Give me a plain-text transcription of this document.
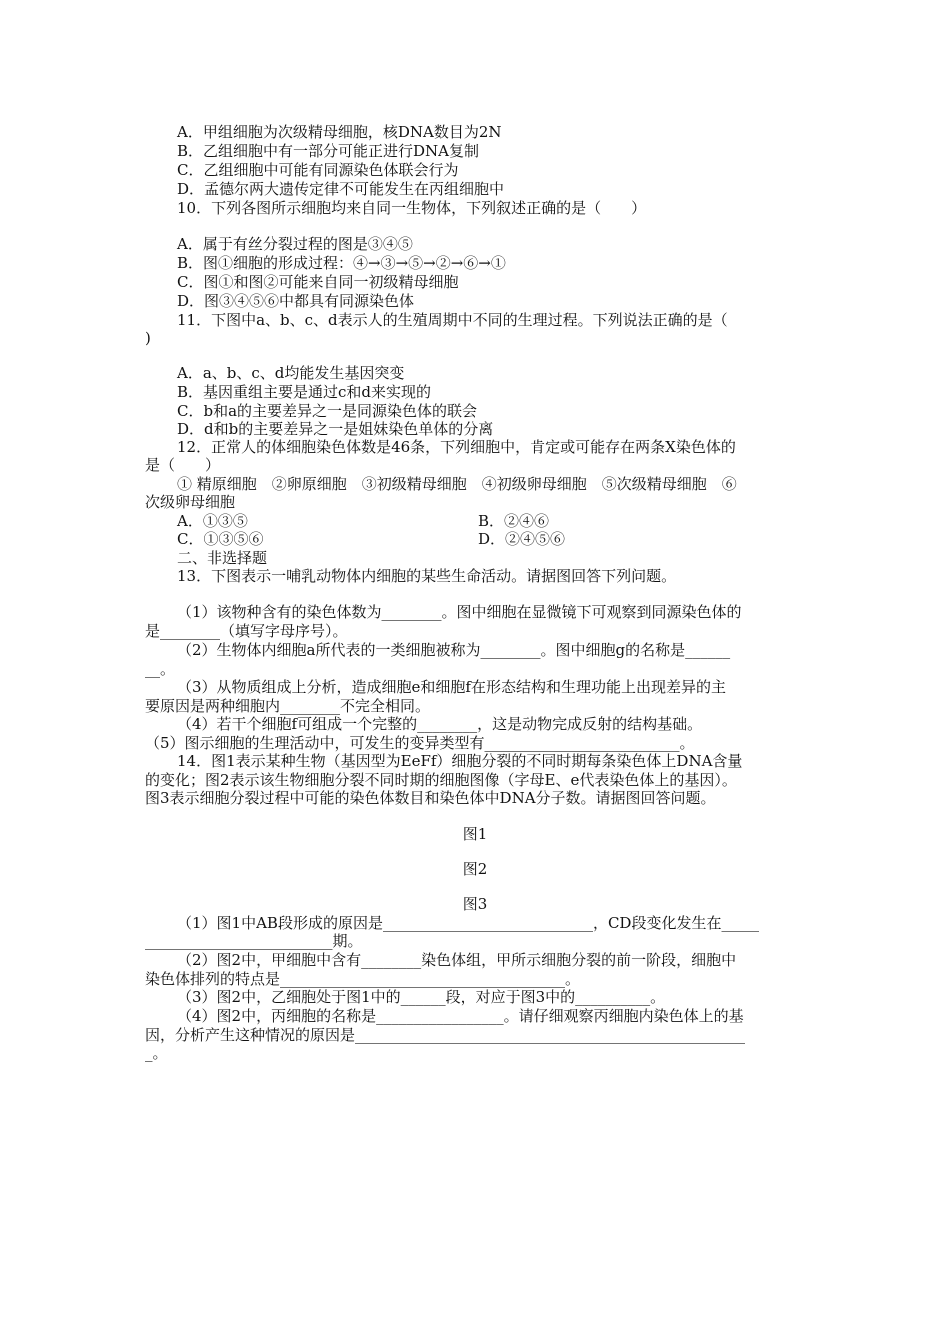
A．甲组细胞为次级精母细胞，核DNA数目为2N
B．乙组细胞中有一部分可能正进行DNA复制
C．乙组细胞中可能有同源染色体联会行为
D．孟德尔两大遗传定律不可能发生在丙组细胞中
10．下列各图所示细胞均来自同一生物体，下列叙述正确的是（　　）
A．属于有丝分裂过程的图是③④⑤
B．图①细胞的形成过程：④→③→⑤→②→⑥→①
C．图①和图②可能来自同一初级精母细胞
D．图③④⑤⑥中都具有同源染色体
11．下图中a、b、c、d表示人的生殖周期中不同的生理过程。下列说法正确的是（
)
A．a、b、c、d均能发生基因突变
B．基因重组主要是通过c和d来实现的
C．b和a的主要差异之一是同源染色体的联会
D．d和b的主要差异之一是姐妹染色单体的分离
12．正常人的体细胞染色体数是46条，下列细胞中，肯定或可能存在两条X染色体的
是（　　）
① 精原细胞　②卵原细胞　③初级精母细胞　④初级卵母细胞　⑤次级精母细胞　⑥
次级卵母细胞
A．①③⑤	B．②④⑥
C．①③⑤⑥	D．②④⑤⑥
二、非选择题
13．下图表示一哺乳动物体内细胞的某些生命活动。请据图回答下列问题。
（1）该物种含有的染色体数为________。图中细胞在显微镜下可观察到同源染色体的
是________（填写字母序号）。
（2）生物体内细胞a所代表的一类细胞被称为________。图中细胞g的名称是______
__。
（3）从物质组成上分析，造成细胞e和细胞f在形态结构和生理功能上出现差异的主
要原因是两种细胞内________不完全相同。
（4）若干个细胞f可组成一个完整的________，这是动物完成反射的结构基础。
（5）图示细胞的生理活动中，可发生的变异类型有__________________________。
14．图1表示某种生物（基因型为EeFf）细胞分裂的不同时期每条染色体上DNA含量
的变化；图2表示该生物细胞分裂不同时期的细胞图像（字母E、e代表染色体上的基因）。
图3表示细胞分裂过程中可能的染色体数目和染色体中DNA分子数。请据图回答问题。
图1
图2
图3
（1）图1中AB段形成的原因是____________________________，CD段变化发生在_____
_________________________期。
（2）图2中，甲细胞中含有________染色体组，甲所示细胞分裂的前一阶段，细胞中
染色体排列的特点是______________________________________。
（3）图2中，乙细胞处于图1中的______段，对应于图3中的__________。
（4）图2中，丙细胞的名称是_________________。请仔细观察丙细胞内染色体上的基
因，分析产生这种情况的原因是____________________________________________________
_。
